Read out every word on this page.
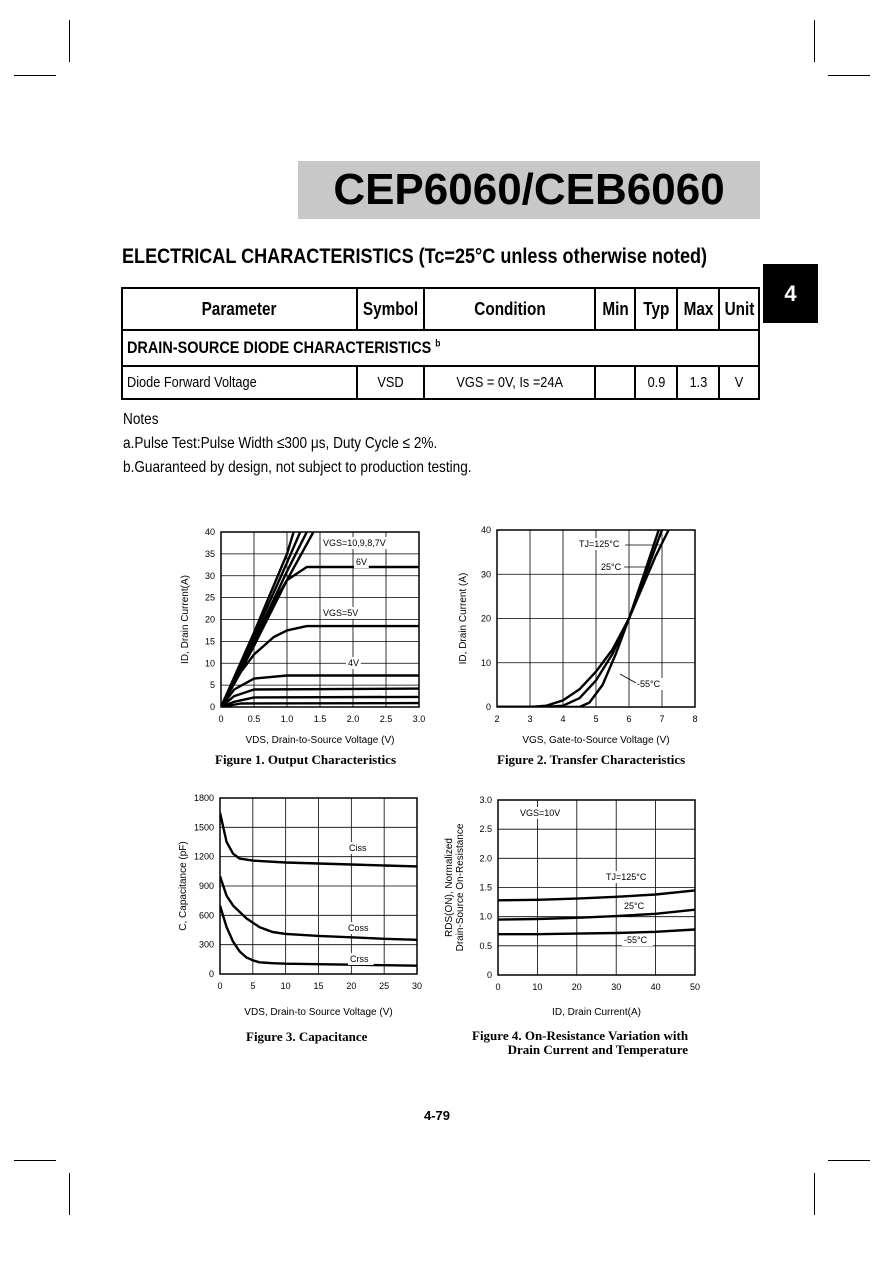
CEP6060/CEB6060
4
ELECTRICAL CHARACTERISTICS (Tc=25°C unless otherwise noted)
Parameter	Symbol	Condition	Min	Typ	Max	Unit
DRAIN-SOURCE DIODE CHARACTERISTICS $^b$
Diode Forward Voltage	VSD	VGS = 0V, Is =24A		0.9	1.3	V
Notes
a.Pulse Test:Pulse Width ≤300 μs, Duty Cycle ≤ 2%.
b.Guaranteed by design, not subject to production testing.
0	0.5 1.0 1.5 2.0 2.5 3.0
0
5
10
15
20
25
30
35
40
VDS, Drain-to-Source Voltage (V)
ID, Drain Current(A)
VGS=10,9,8,7V
6V
VGS=5V
4V
2	3	4	5	6	7	8
0
10
20
30
40
VGS, Gate-to-Source Voltage (V)
ID, Drain Current (A)
TJ=125°C
25°C
-55°C
0	5	10	15	20	25	30
0
300
600
900
1200
1500
1800
VDS, Drain-to Source Voltage (V)
C, Capacitance (pF)	Ciss
Coss
Crss
0	10	20	30	40	50
0
0.5
1.0
1.5
2.0
2.5
3.0
ID, Drain Current(A)
RDS(ON), Normalized Drain-Source On-Resistance
VGS=10V
TJ=125°C
25°C
-55°C
Figure 1. Output Characteristics	Figure 2. Transfer Characteristics
Figure 3. Capacitance	Figure 4. On-Resistance Variation with
Drain Current and Temperature
4-79
